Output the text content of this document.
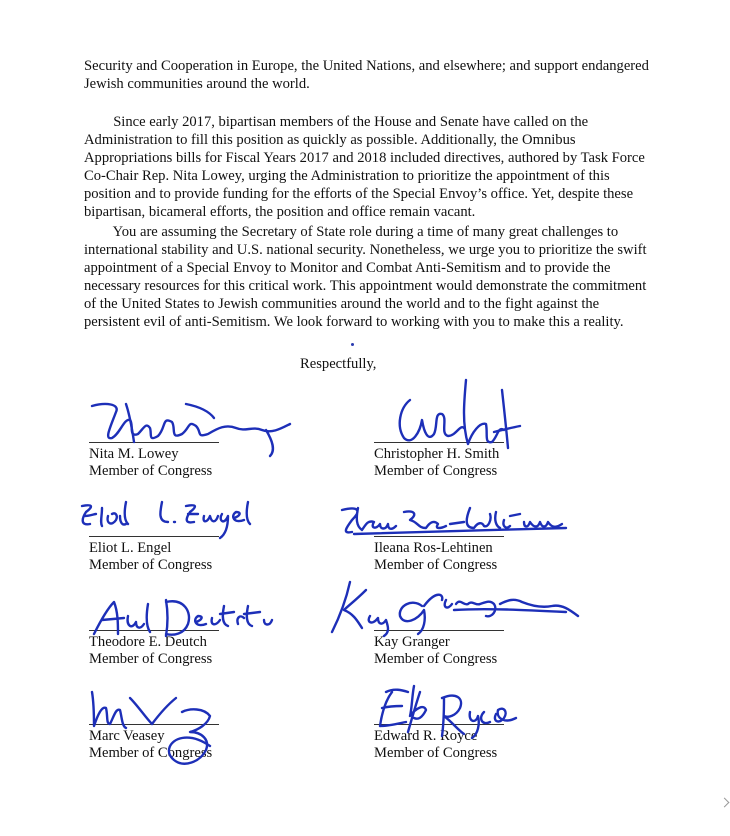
Security and Cooperation in Europe, the United Nations, and elsewhere; and support endangered
Jewish communities around the world.

Since early 2017, bipartisan members of the House and Senate have called on the
Administration to fill this position as quickly as possible. Additionally, the Omnibus
Appropriations bills for Fiscal Years 2017 and 2018 included directives, authored by Task Force
Co-Chair Rep. Nita Lowey, urging the Administration to prioritize the appointment of this
position and to provide funding for the efforts of the Special Envoy’s office. Yet, despite these
bipartisan, bicameral efforts, the position and office remain vacant.

You are assuming the Secretary of State role during a time of many great challenges to
international stability and U.S. national security. Nonetheless, we urge you to prioritize the swift
appointment of a Special Envoy to Monitor and Combat Anti-Semitism and to provide the
necessary resources for this critical work. This appointment would demonstrate the commitment
of the United States to Jewish communities around the world and to the fight against the
persistent evil of anti-Semitism. We look forward to working with you to make this a reality.

Respectfully,
Nita M. Lowey
Member of Congress
Christopher H. Smith
Member of Congress
Eliot L. Engel
Member of Congress
Ileana Ros-Lehtinen
Member of Congress
Theodore E. Deutch
Member of Congress
Kay Granger
Member of Congress
Marc Veasey
Member of Congress
Edward R. Royce
Member of Congress
